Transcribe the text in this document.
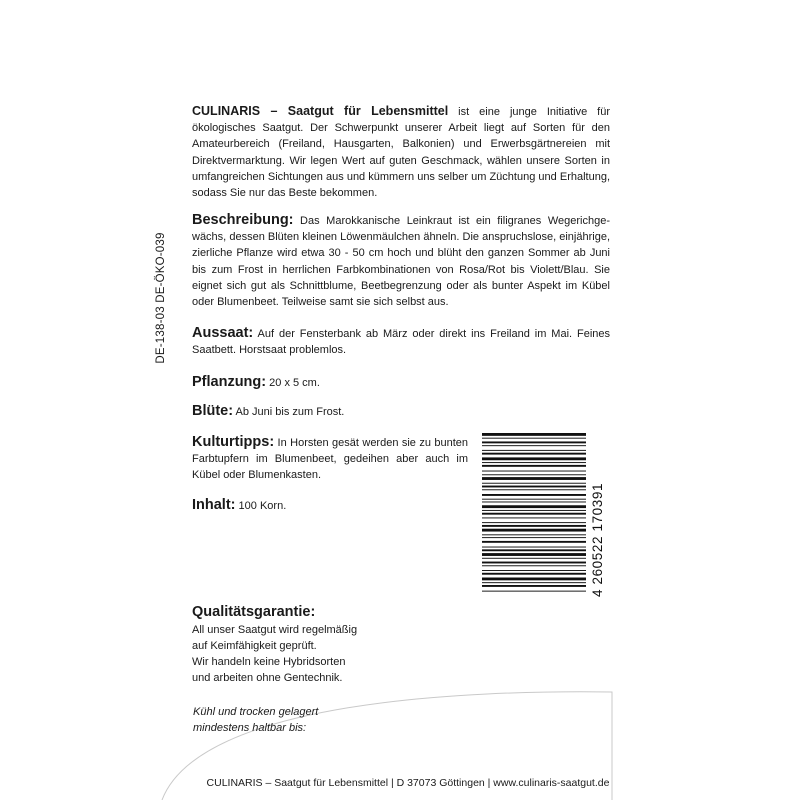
DE-138-03 DE-ÖKO-039
CULINARIS – Saatgut für Lebensmittel ist eine junge Initiative für ökologisches Saatgut. Der Schwerpunkt unserer Arbeit liegt auf Sorten für den Amateurbereich (Freiland, Hausgarten, Balkonien) und Erwerbsgärtnereien mit Direktvermarktung. Wir legen Wert auf guten Geschmack, wählen unsere Sorten in umfangreichen Sichtungen aus und kümmern uns selber um Züchtung und Erhaltung, sodass Sie nur das Beste bekommen.
Beschreibung: Das Marokkanische Leinkraut ist ein filigranes Wegerichgewächs, dessen Blüten kleinen Löwenmäulchen ähneln. Die anspruchslose, einjährige, zierliche Pflanze wird etwa 30 - 50 cm hoch und blüht den ganzen Sommer ab Juni bis zum Frost in herrlichen Farbkombinationen von Rosa/Rot bis Violett/Blau. Sie eignet sich gut als Schnittblume, Beetbegrenzung oder als bunter Aspekt im Kübel oder Blumenbeet. Teilweise samt sie sich selbst aus.
Aussaat: Auf der Fensterbank ab März oder direkt ins Freiland im Mai. Feines Saatbett. Horstsaat problemlos.
Pflanzung: 20 x 5 cm.
Blüte: Ab Juni bis zum Frost.
Kulturtipps: In Horsten gesät werden sie zu bunten Farbtupfern im Blumenbeet, gedeihen aber auch im Kübel oder Blumenkasten.
Inhalt: 100 Korn.	4 260522 170391
Qualitätsgarantie:
All unser Saatgut wird regelmäßig
auf Keimfähigkeit geprüft.
Wir handeln keine Hybridsorten
und arbeiten ohne Gentechnik.
Kühl und trocken gelagert
mindestens haltbar bis:
CULINARIS – Saatgut für Lebensmittel | D 37073 Göttingen | www.culinaris-saatgut.de
